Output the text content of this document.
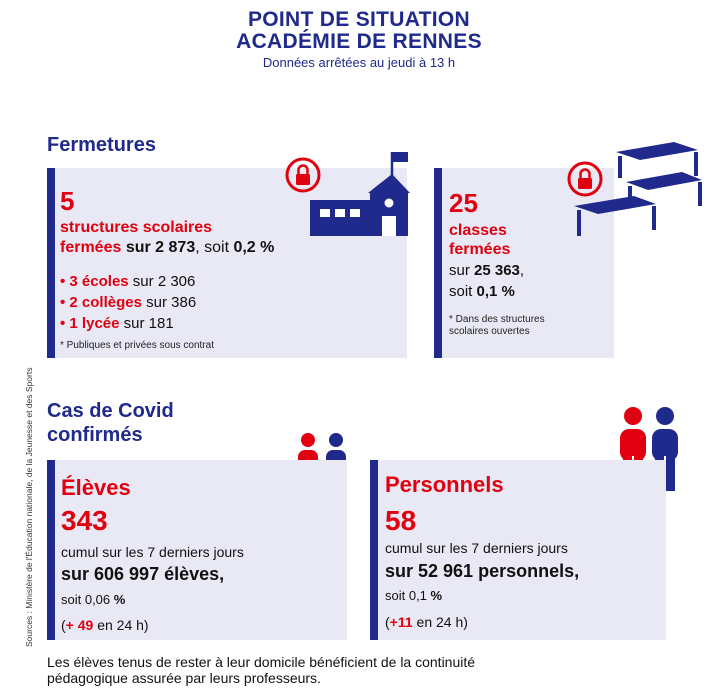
POINT DE SITUATION
ACADÉMIE DE RENNES
Données arrêtées au jeudi à 13 h
Sources : Ministère de l'Éducation nationale, de la Jeunesse et des Sports
Fermetures
5
structures scolaires
fermées sur 2 873, soit 0,2 %
• 3 écoles sur 2 306
• 2 collèges sur 386
• 1 lycée sur 181
* Publiques et privées sous contrat
25
classes
fermées
sur 25 363,
soit 0,1 %
* Dans des structures
scolaires ouvertes
Cas de Covid
confirmés
Élèves
343
cumul sur les 7 derniers jours
sur 606 997 élèves,
soit 0,06 %
(+ 49 en 24 h)
Personnels
58
cumul sur les 7 derniers jours
sur 52 961 personnels,
soit 0,1 %
(+11 en 24 h)
Les élèves tenus de rester à leur domicile bénéficient de la continuité
pédagogique assurée par leurs professeurs.
